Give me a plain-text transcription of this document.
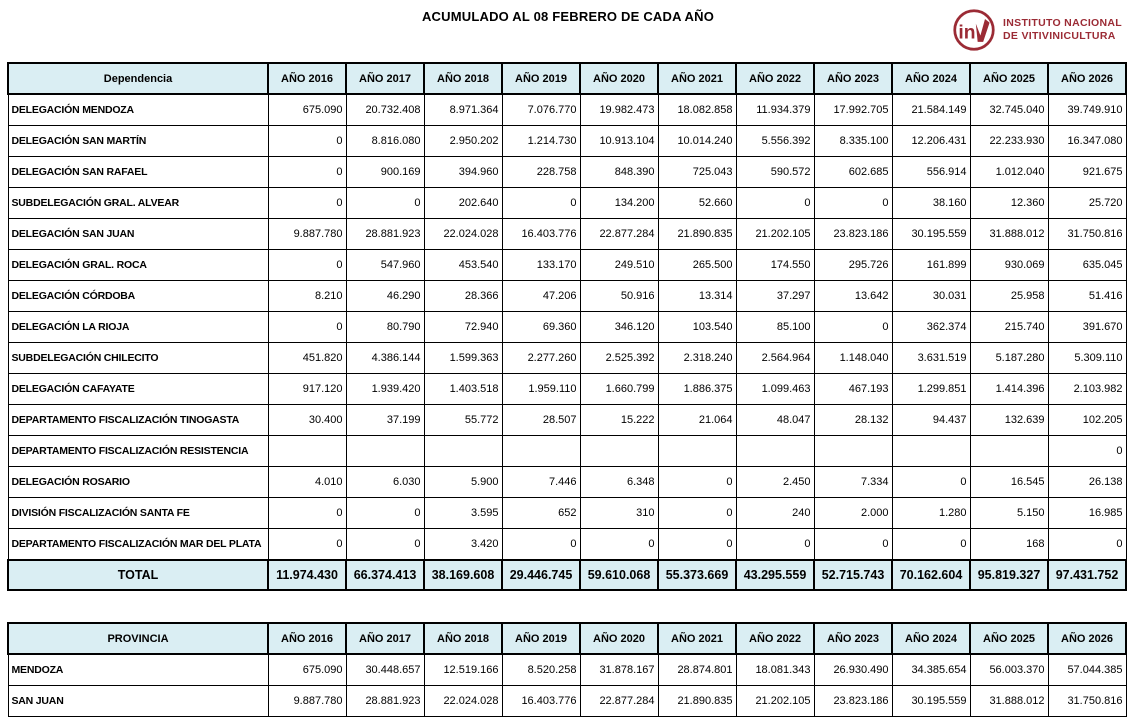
ACUMULADO AL 08 FEBRERO DE CADA AÑO
in	INSTITUTO NACIONAL
DE VITIVINICULTURA
Dependencia	AÑO 2016	AÑO 2017	AÑO 2018	AÑO 2019	AÑO 2020	AÑO 2021	AÑO 2022	AÑO 2023	AÑO 2024	AÑO 2025	AÑO 2026
DELEGACIÓN MENDOZA	675.090	20.732.408	8.971.364	7.076.770	19.982.473	18.082.858	11.934.379	17.992.705	21.584.149	32.745.040	39.749.910
DELEGACIÓN SAN MARTÍN	0	8.816.080	2.950.202	1.214.730	10.913.104	10.014.240	5.556.392	8.335.100	12.206.431	22.233.930	16.347.080
DELEGACIÓN SAN RAFAEL	0	900.169	394.960	228.758	848.390	725.043	590.572	602.685	556.914	1.012.040	921.675
SUBDELEGACIÓN GRAL. ALVEAR	0	0	202.640	0	134.200	52.660	0	0	38.160	12.360	25.720
DELEGACIÓN SAN JUAN	9.887.780	28.881.923	22.024.028	16.403.776	22.877.284	21.890.835	21.202.105	23.823.186	30.195.559	31.888.012	31.750.816
DELEGACIÓN GRAL. ROCA	0	547.960	453.540	133.170	249.510	265.500	174.550	295.726	161.899	930.069	635.045
DELEGACIÓN CÓRDOBA	8.210	46.290	28.366	47.206	50.916	13.314	37.297	13.642	30.031	25.958	51.416
DELEGACIÓN LA RIOJA	0	80.790	72.940	69.360	346.120	103.540	85.100	0	362.374	215.740	391.670
SUBDELEGACIÓN CHILECITO	451.820	4.386.144	1.599.363	2.277.260	2.525.392	2.318.240	2.564.964	1.148.040	3.631.519	5.187.280	5.309.110
DELEGACIÓN CAFAYATE	917.120	1.939.420	1.403.518	1.959.110	1.660.799	1.886.375	1.099.463	467.193	1.299.851	1.414.396	2.103.982
DEPARTAMENTO FISCALIZACIÓN TINOGASTA	30.400	37.199	55.772	28.507	15.222	21.064	48.047	28.132	94.437	132.639	102.205
DEPARTAMENTO FISCALIZACIÓN RESISTENCIA											0
DELEGACIÓN ROSARIO	4.010	6.030	5.900	7.446	6.348	0	2.450	7.334	0	16.545	26.138
DIVISIÓN FISCALIZACIÓN SANTA FE	0	0	3.595	652	310	0	240	2.000	1.280	5.150	16.985
DEPARTAMENTO FISCALIZACIÓN MAR DEL PLATA	0	0	3.420	0	0	0	0	0	0	168	0
TOTAL	11.974.430	66.374.413	38.169.608	29.446.745	59.610.068	55.373.669	43.295.559	52.715.743	70.162.604	95.819.327	97.431.752
PROVINCIA	AÑO 2016	AÑO 2017	AÑO 2018	AÑO 2019	AÑO 2020	AÑO 2021	AÑO 2022	AÑO 2023	AÑO 2024	AÑO 2025	AÑO 2026
MENDOZA	675.090	30.448.657	12.519.166	8.520.258	31.878.167	28.874.801	18.081.343	26.930.490	34.385.654	56.003.370	57.044.385
SAN JUAN	9.887.780	28.881.923	22.024.028	16.403.776	22.877.284	21.890.835	21.202.105	23.823.186	30.195.559	31.888.012	31.750.816
